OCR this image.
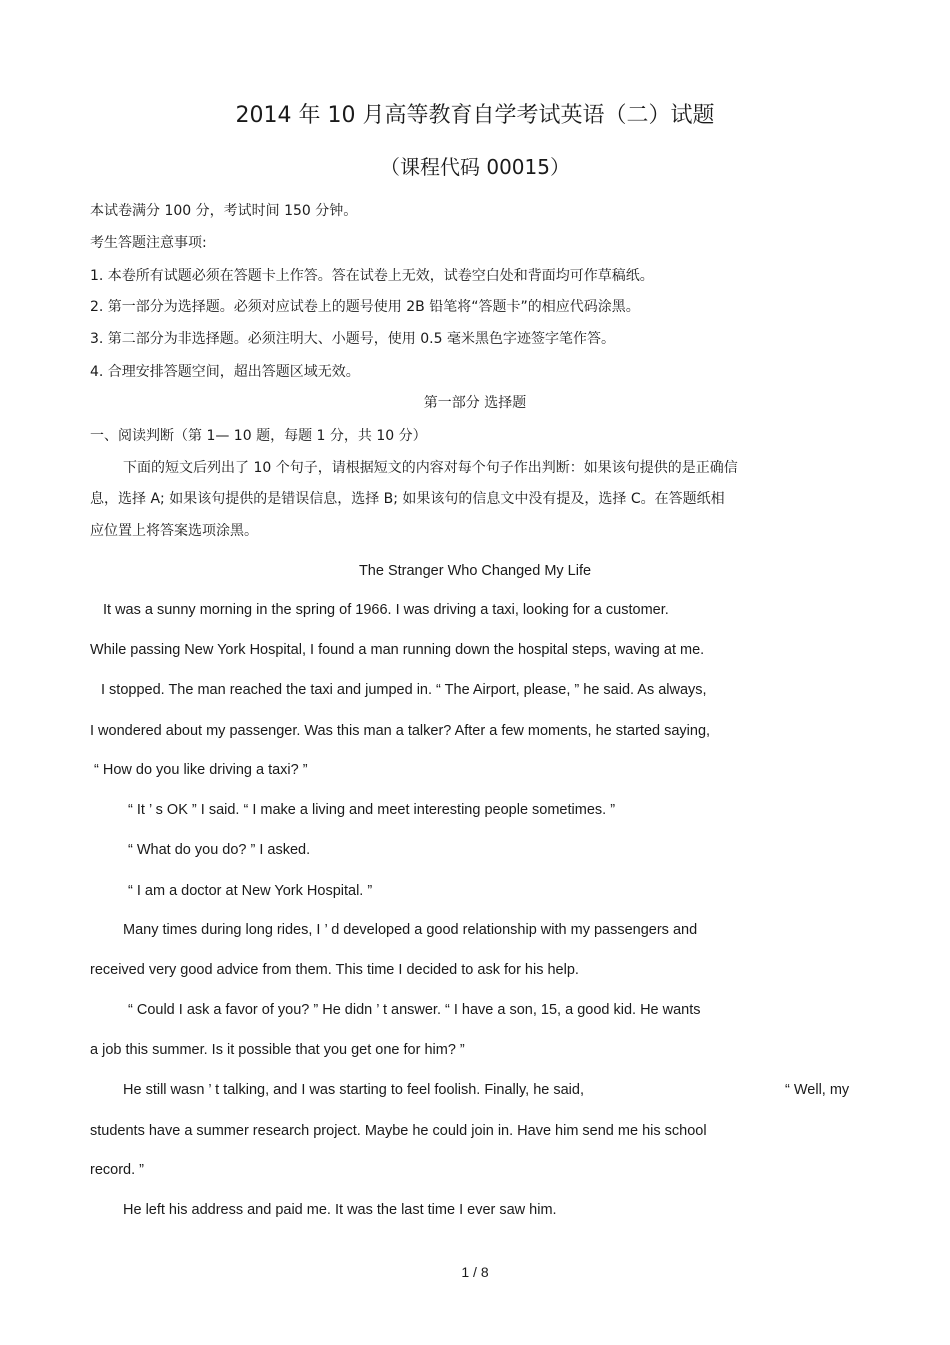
2014 年 10 月高等教育自学考试英语（二）试题
（课程代码 00015）
本试卷满分 100 分，考试时间 150 分钟。
考生答题注意事项:
1. 本卷所有试题必须在答题卡上作答。答在试卷上无效，试卷空白处和背面均可作草稿纸。
2. 第一部分为选择题。必须对应试卷上的题号使用 2B 铅笔将“答题卡”的相应代码涂黑。
3. 第二部分为非选择题。必须注明大、小题号，使用 0.5 毫米黑色字迹签字笔作答。
4. 合理安排答题空间，超出答题区域无效。
第一部分 选择题
一、阅读判断（第 1— 10 题，每题 1 分，共 10 分）
下面的短文后列出了 10 个句子，请根据短文的内容对每个句子作出判断：如果该句提供的是正确信
息，选择 A; 如果该句提供的是错误信息，选择 B; 如果该句的信息文中没有提及，选择 C。在答题纸相
应位置上将答案选项涂黑。
The Stranger Who Changed My Life
It was a sunny morning in the spring of 1966. I was driving a taxi, looking for a customer.
While passing New York Hospital, I found a man running down the hospital steps, waving at me.
I stopped. The man reached the taxi and jumped in. “ The Airport, please, ” he said. As always,
I wondered about my passenger. Was this man a talker? After a few moments, he started saying,
“ How do you like driving a taxi? ”
“ It ’ s OK ” I said. “ I make a living and meet interesting people sometimes. ”
“ What do you do? ” I asked.
“ I am a doctor at New York Hospital. ”
Many times during long rides, I ’ d developed a good relationship with my passengers and
received very good advice from them. This time I decided to ask for his help.
“ Could I ask a favor of you? ” He didn ’ t answer. “ I have a son, 15, a good kid. He wants
a job this summer. Is it possible that you get one for him? ”
He still wasn ’ t talking, and I was starting to feel foolish. Finally, he said,	“ Well, my
students have a summer research project. Maybe he could join in. Have him send me his school
record. ”
He left his address and paid me. It was the last time I ever saw him.
1 / 8
